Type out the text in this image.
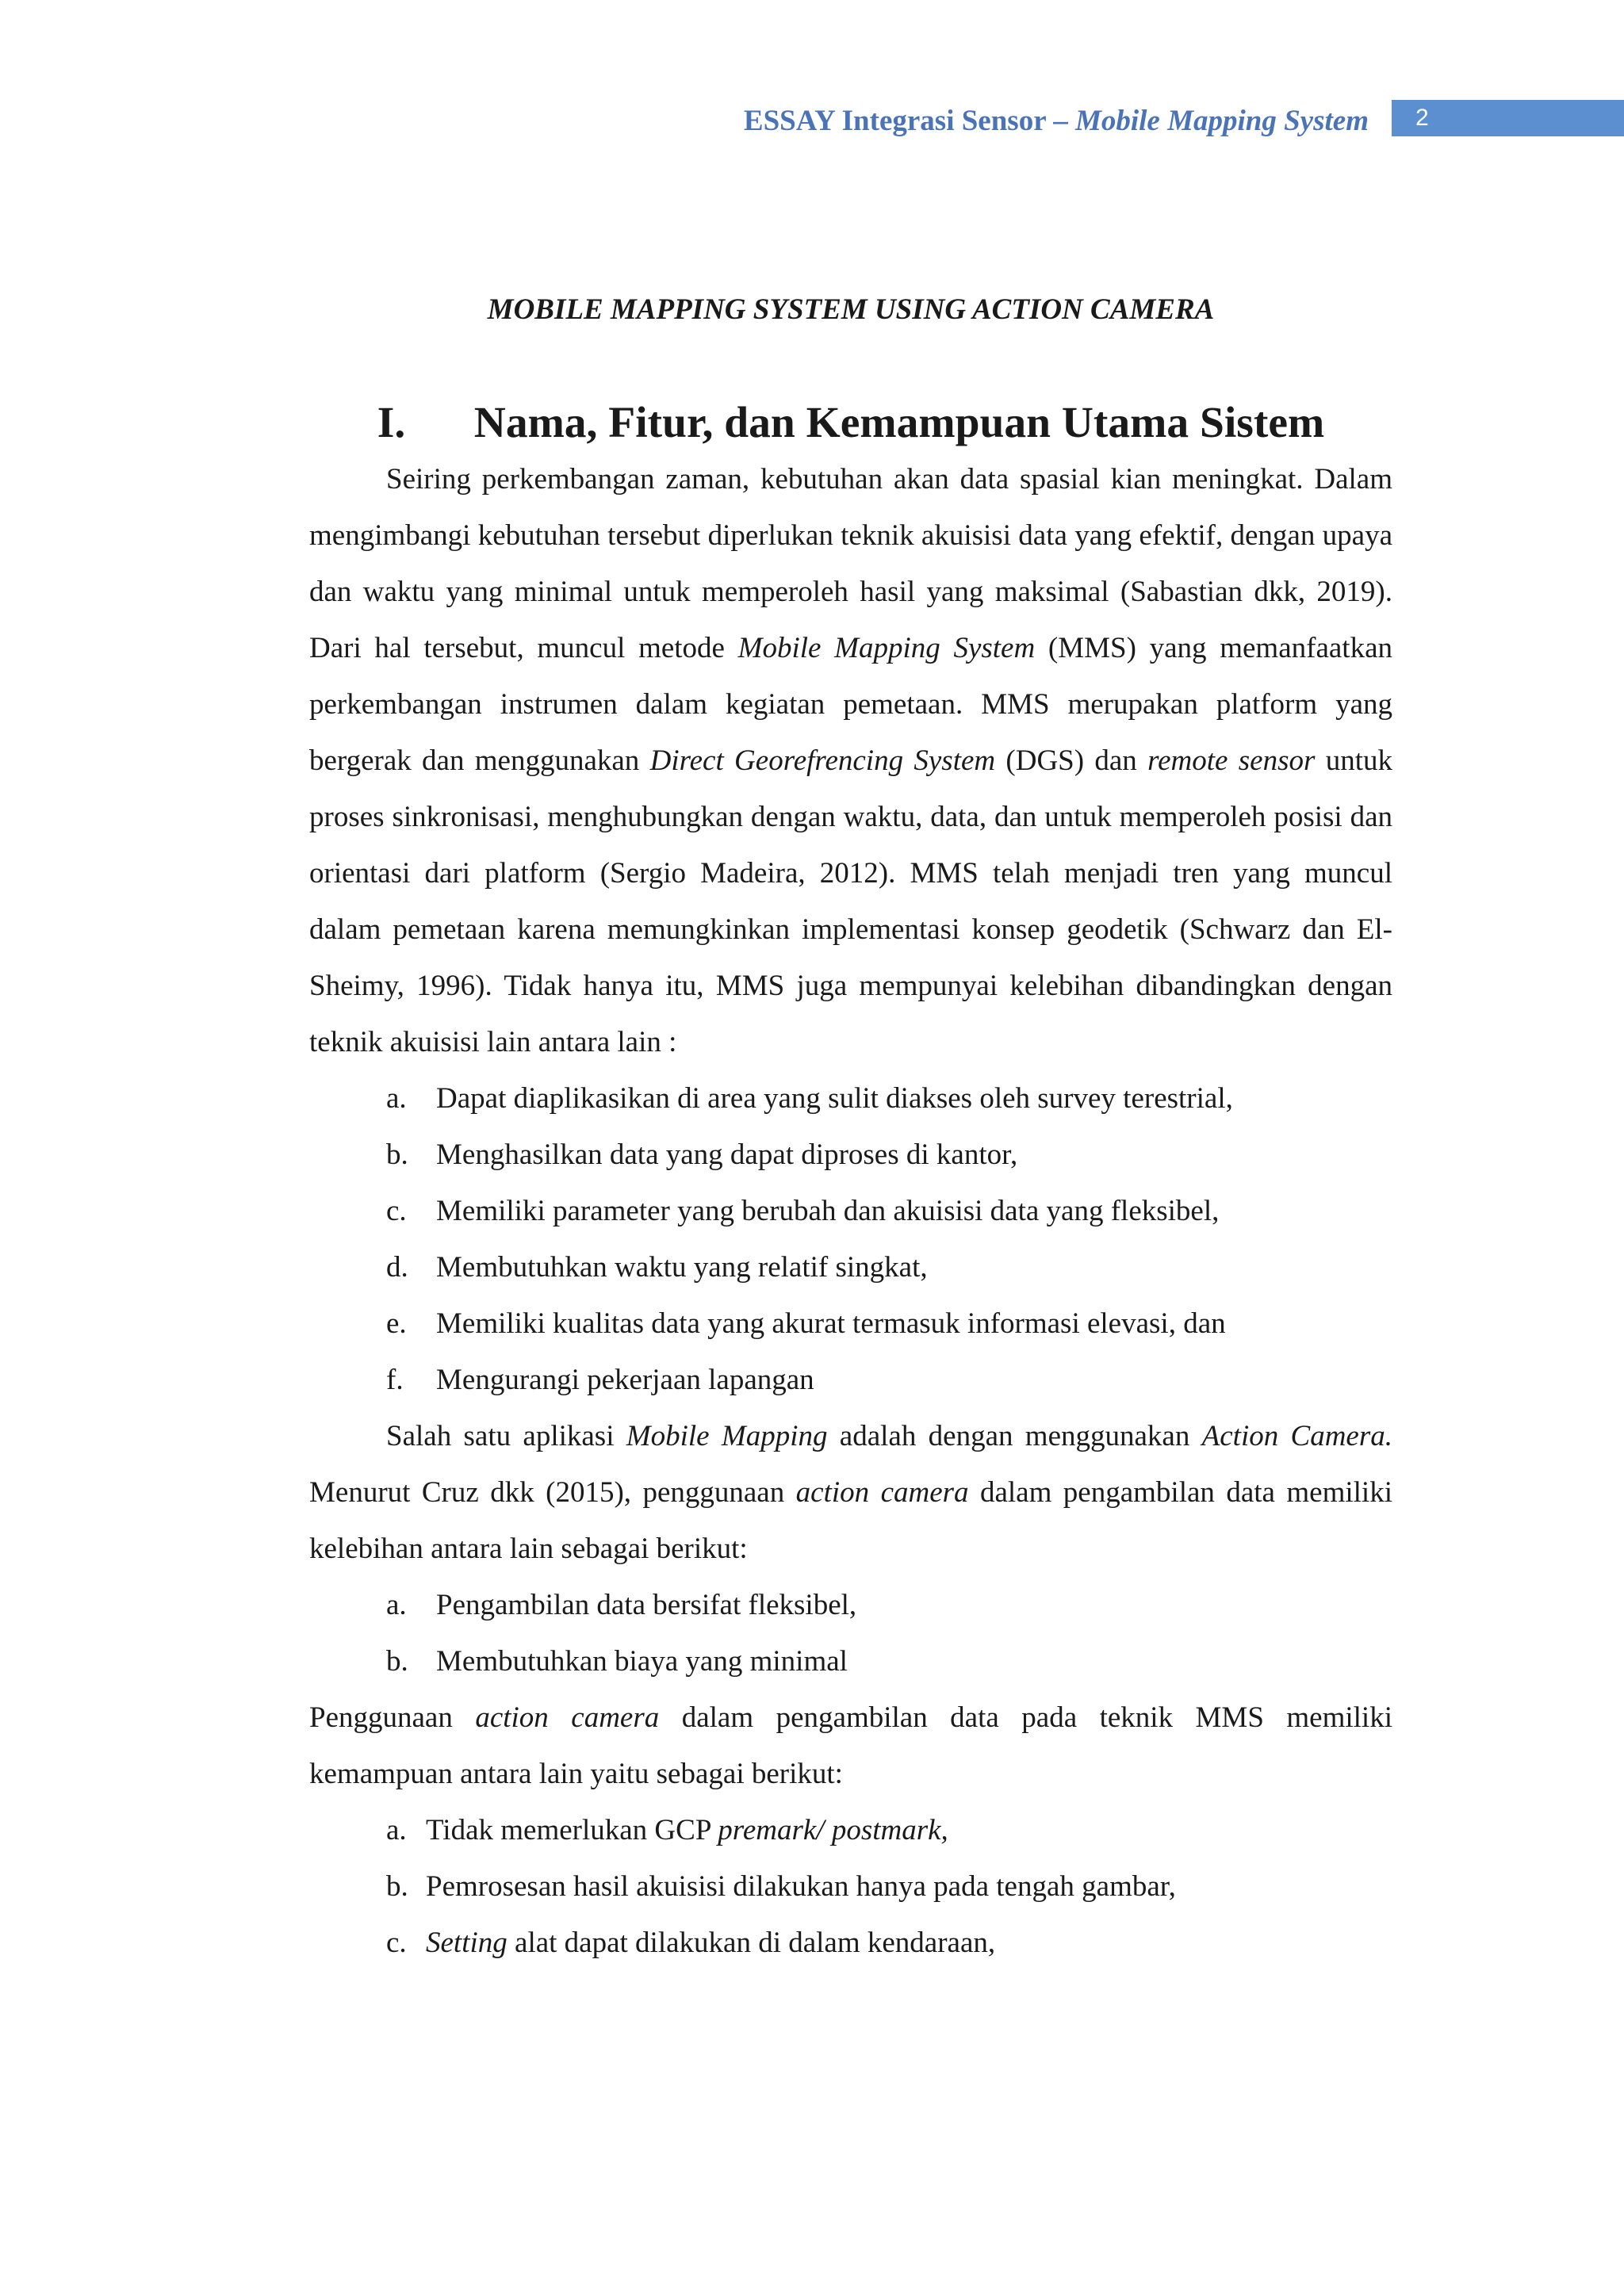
ESSAY Integrasi Sensor – Mobile Mapping System	2
MOBILE MAPPING SYSTEM USING ACTION CAMERA
I. Nama, Fitur, dan Kemampuan Utama Sistem

Seiring perkembangan zaman, kebutuhan akan data spasial kian meningkat. Dalam mengimbangi kebutuhan tersebut diperlukan teknik akuisisi data yang efektif, dengan upaya dan waktu yang minimal untuk memperoleh hasil yang maksimal (Sabastian dkk, 2019). Dari hal tersebut, muncul metode Mobile Mapping System (MMS) yang memanfaatkan perkembangan instrumen dalam kegiatan pemetaan. MMS merupakan platform yang bergerak dan menggunakan Direct Georefrencing System (DGS) dan remote sensor untuk proses sinkronisasi, menghubungkan dengan waktu, data, dan untuk memperoleh posisi dan orientasi dari platform (Sergio Madeira, 2012). MMS telah menjadi tren yang muncul dalam pemetaan karena memungkinkan implementasi konsep geodetik (Schwarz dan El-Sheimy, 1996). Tidak hanya itu, MMS juga mempunyai kelebihan dibandingkan dengan teknik akuisisi lain antara lain :

a. Dapat diaplikasikan di area yang sulit diakses oleh survey terestrial,
b. Menghasilkan data yang dapat diproses di kantor,
c. Memiliki parameter yang berubah dan akuisisi data yang fleksibel,
d. Membutuhkan waktu yang relatif singkat,
e. Memiliki kualitas data yang akurat termasuk informasi elevasi, dan
f. Mengurangi pekerjaan lapangan

Salah satu aplikasi Mobile Mapping adalah dengan menggunakan Action Camera. Menurut Cruz dkk (2015), penggunaan action camera dalam pengambilan data memiliki kelebihan antara lain sebagai berikut:

a. Pengambilan data bersifat fleksibel,
b. Membutuhkan biaya yang minimal

Penggunaan action camera dalam pengambilan data pada teknik MMS memiliki kemampuan antara lain yaitu sebagai berikut:

a. Tidak memerlukan GCP premark/ postmark,
b. Pemrosesan hasil akuisisi dilakukan hanya pada tengah gambar,
c. Setting alat dapat dilakukan di dalam kendaraan,
